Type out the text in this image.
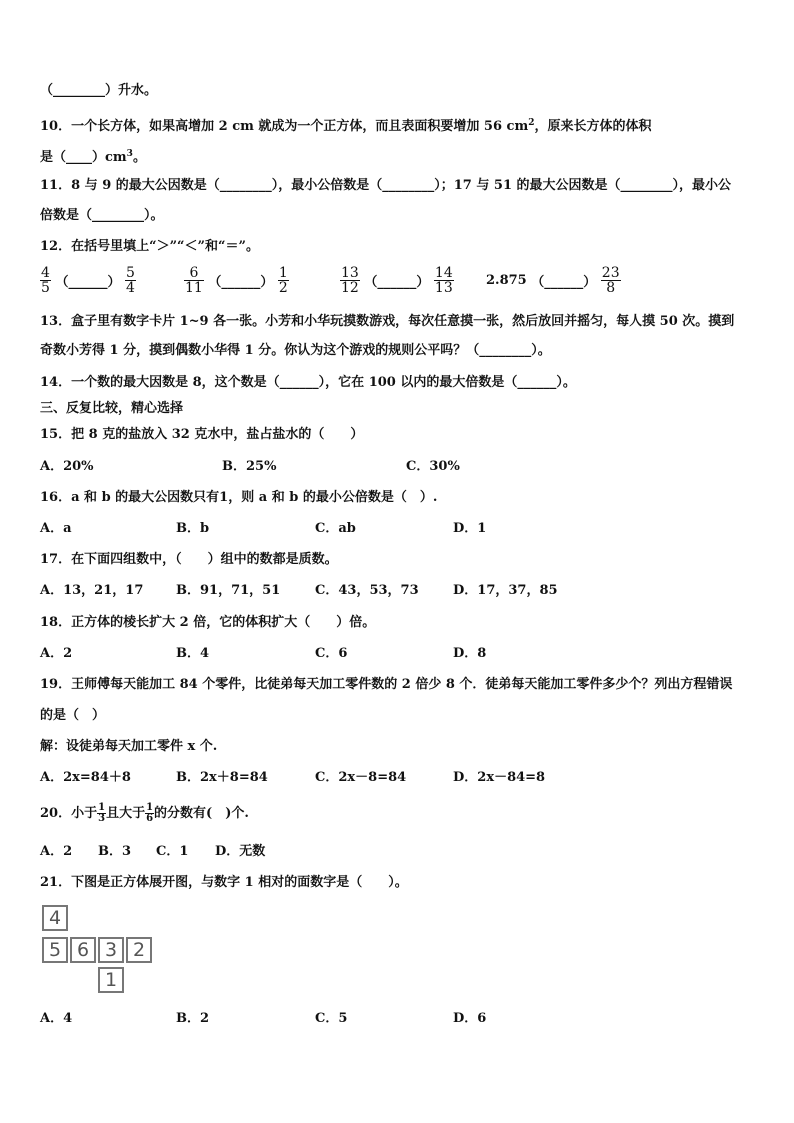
（________）升水。
10．一个长方体，如果高增加 2 cm 就成为一个正方体，而且表面积要增加 56 $cm^2$，原来长方体的体积
是$(\_\_\_\_)cm^3$。
11．8 与 9 的最大公因数是（________），最小公倍数是（________）；17 与 51 的最大公因数是（________），最小公
倍数是（________）。
12．在括号里填上“＞”“＜”和“＝”。
$\frac{4}{5}$ （______） $\frac{5}{4}$	$\frac{6}{11}$ （______） $\frac{1}{2}$	$\frac{13}{12}$ （______） $\frac{14}{13} 2.875$ （______） $\frac{23}{8}$
13．盒子里有数字卡片 1~9 各一张。小芳和小华玩摸数游戏，每次任意摸一张，然后放回并摇匀，每人摸 50 次。摸到
奇数小芳得 1 分，摸到偶数小华得 1 分。你认为这个游戏的规则公平吗？（________）。
14．一个数的最大因数是 8，这个数是（______），它在 100 以内的最大倍数是（______）。
三、反复比较，精心选择
15．把 8 克的盐放入 32 克水中，盐占盐水的（　　）
A．20%	B．25%	C．30%
16．a 和 b 的最大公因数只有1，则 a 和 b 的最小公倍数是（　）.
A．a	B．b	C．ab	D．1
17．在下面四组数中，（　　）组中的数都是质数。
A．13，21，17	B．91，71，51	C．43，53，73	D．17，37，85
18．正方体的棱长扩大 2 倍，它的体积扩大（　　）倍。
A．2	B．4	C．6	D．8
19．王师傅每天能加工 84 个零件，比徒弟每天加工零件数的 2 倍少 8 个．徒弟每天能加工零件多少个？列出方程错误
的是（　）
解：设徒弟每天加工零件 x 个.
A．2x=84＋8	B．2x＋8=84	C．2x－8=84	D．2x－84=8
20．小于 $\frac{1}{3}$ 且大于 $\frac{1}{6}$ 的分数有(　)个.
A．2 B．3 C．1 D．无数
21．下图是正方体展开图，与数字 1 相对的面数字是（　　）。
4
5 6 3 2
1
A．4	B．2	C．5	D．6
